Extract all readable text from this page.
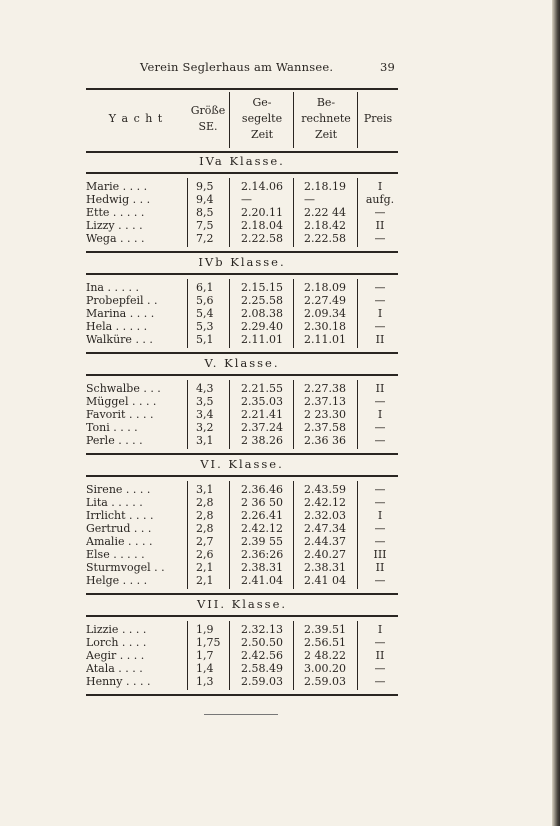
Verein Seglerhaus am Wannsee.	39
Y a c h t
Größe
SE.
Ge-
segelte
Zeit
Be-
rechnete
Zeit
Preis
IVa Klasse.
Marie . . . .	9,5	2.14.06	2.18.19	I
Hedwig . . .	9,4	—	—	aufg.
Ette . . . . .	8,5	2.20.11	2.22 44	—
Lizzy . . . .	7,5	2.18.04	2.18.42	II
Wega . . . .	7,2	2.22.58	2.22.58	—
IVb Klasse.
Ina . . . . .	6,1	2.15.15	2.18.09	—
Probepfeil . .	5,6	2.25.58	2.27.49	—
Marina . . . .	5,4	2.08.38	2.09.34	I
Hela . . . . .	5,3	2.29.40	2.30.18	—
Walküre . . .	5,1	2.11.01	2.11.01	II
V. Klasse.
Schwalbe . . .	4,3	2.21.55	2.27.38	II
Müggel . . . .	3,5	2.35.03	2.37.13	—
Favorit . . . .	3,4	2.21.41	2 23.30	I
Toni . . . .	3,2	2.37.24	2.37.58	—
Perle . . . .	3,1	2 38.26	2.36 36	—
VI. Klasse.
Sirene . . . .	3,1	2.36.46	2.43.59	—
Lita . . . . .	2,8	2 36 50	2.42.12	—
Irrlicht . . . .	2,8	2.26.41	2.32.03	I
Gertrud . . .	2,8	2.42.12	2.47.34	—
Amalie . . . .	2,7	2.39 55	2.44.37	—
Else . . . . .	2,6	2.36:26	2.40.27	III
Sturmvogel . .	2,1	2.38.31	2.38.31	II
Helge . . . .	2,1	2.41.04	2.41 04	—
VII. Klasse.
Lizzie . . . .	1,9	2.32.13	2.39.51	I
Lorch . . . .	1,75	2.50.50	2.56.51	—
Aegir . . . .	1,7	2.42.56	2 48.22	II
Atala . . . .	1,4	2.58.49	3.00.20	—
Henny . . . .	1,3	2.59.03	2.59.03	—
